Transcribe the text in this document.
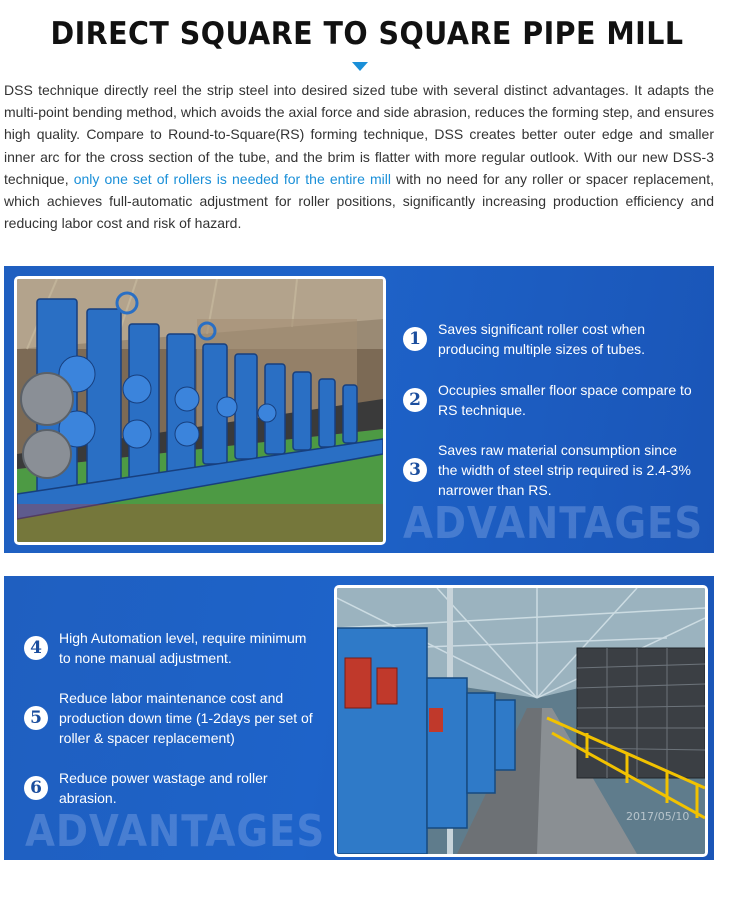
DIRECT SQUARE TO SQUARE PIPE MILL

DSS technique directly reel the strip steel into desired sized tube with several distinct advantages. It adapts the multi-point bending method, which avoids the axial force and side abrasion, reduces the forming step, and ensures high quality. Compare to Round-to-Square(RS) forming technique, DSS creates better outer edge and smaller inner arc for the cross section of the tube, and the brim is flatter with more regular outlook. With our new DSS-3 technique, only one set of rollers is needed for the entire mill with no need for any roller or spacer replacement, which achieves full-automatic adjustment for roller positions, significantly increasing production efficiency and reducing labor cost and risk of hazard.

1	Saves significant roller cost when producing multiple sizes of tubes.
2	Occupies smaller floor space compare to RS technique.
3
Saves raw material consumption since the width of steel strip required is 2.4-3% narrower than RS.
ADVANTAGES
4	High Automation level, require minimum to none manual adjustment.
5
Reduce labor maintenance cost and production down time (1-2days per set of roller & spacer replacement)
6	Reduce power wastage and roller abrasion.
ADVANTAGES	2017/05/10
